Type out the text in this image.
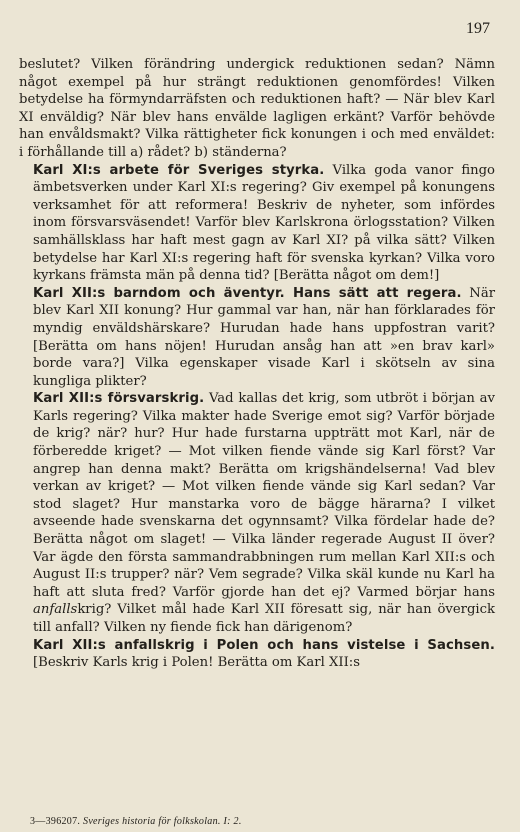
197

beslutet? Vilken förändring undergick reduktionen sedan? Nämn något exempel på hur strängt reduktionen genomfördes! Vilken betydelse ha förmyndarräfsten och reduktionen haft? — När blev Karl XI enväldig? När blev hans envälde lagligen erkänt? Varför behövde han envåldsmakt? Vilka rättigheter fick konungen i och med enväldet: i förhållande till a) rådet? b) ständerna?

Karl XI:s arbete för Sveriges styrka. Vilka goda vanor fingo ämbetsverken under Karl XI:s regering? Giv exempel på konungens verksamhet för att reformera! Beskriv de nyheter, som infördes inom försvarsväsendet! Varför blev Karlskrona örlogsstation? Vilken samhällsklass har haft mest gagn av Karl XI? på vilka sätt? Vilken betydelse har Karl XI:s regering haft för svenska kyrkan? Vilka voro kyrkans främsta män på denna tid? [Berätta något om dem!]

Karl XII:s barndom och äventyr. Hans sätt att regera. När blev Karl XII konung? Hur gammal var han, när han förklarades för myndig enväldshärskare? Hurudan hade hans uppfostran varit? [Berätta om hans nöjen! Hurudan ansåg han att »en brav karl» borde vara?] Vilka egenskaper visade Karl i skötseln av sina kungliga plikter?

Karl XII:s försvarskrig. Vad kallas det krig, som utbröt i början av Karls regering? Vilka makter hade Sverige emot sig? Varför började de krig? när? hur? Hur hade furstarna uppträtt mot Karl, när de förberedde kriget? — Mot vilken fiende vände sig Karl först? Var angrep han denna makt? Berätta om krigshändelserna! Vad blev verkan av kriget? — Mot vilken fiende vände sig Karl sedan? Var stod slaget? Hur manstarka voro de bägge härarna? I vilket avseende hade svenskarna det ogynnsamt? Vilka fördelar hade de? Berätta något om slaget! — Vilka länder regerade August II över? Var ägde den första sammandrabbningen rum mellan Karl XII:s och August II:s trupper? när? Vem segrade? Vilka skäl kunde nu Karl ha haft att sluta fred? Varför gjorde han det ej? Varmed börjar hans anfallskrig? Vilket mål hade Karl XII föresatt sig, när han övergick till anfall? Vilken ny fiende fick han därigenom?

Karl XII:s anfallskrig i Polen och hans vistelse i Sachsen. [Beskriv Karls krig i Polen! Berätta om Karl XII:s

3—396207. Sveriges historia för folkskolan. I: 2.
